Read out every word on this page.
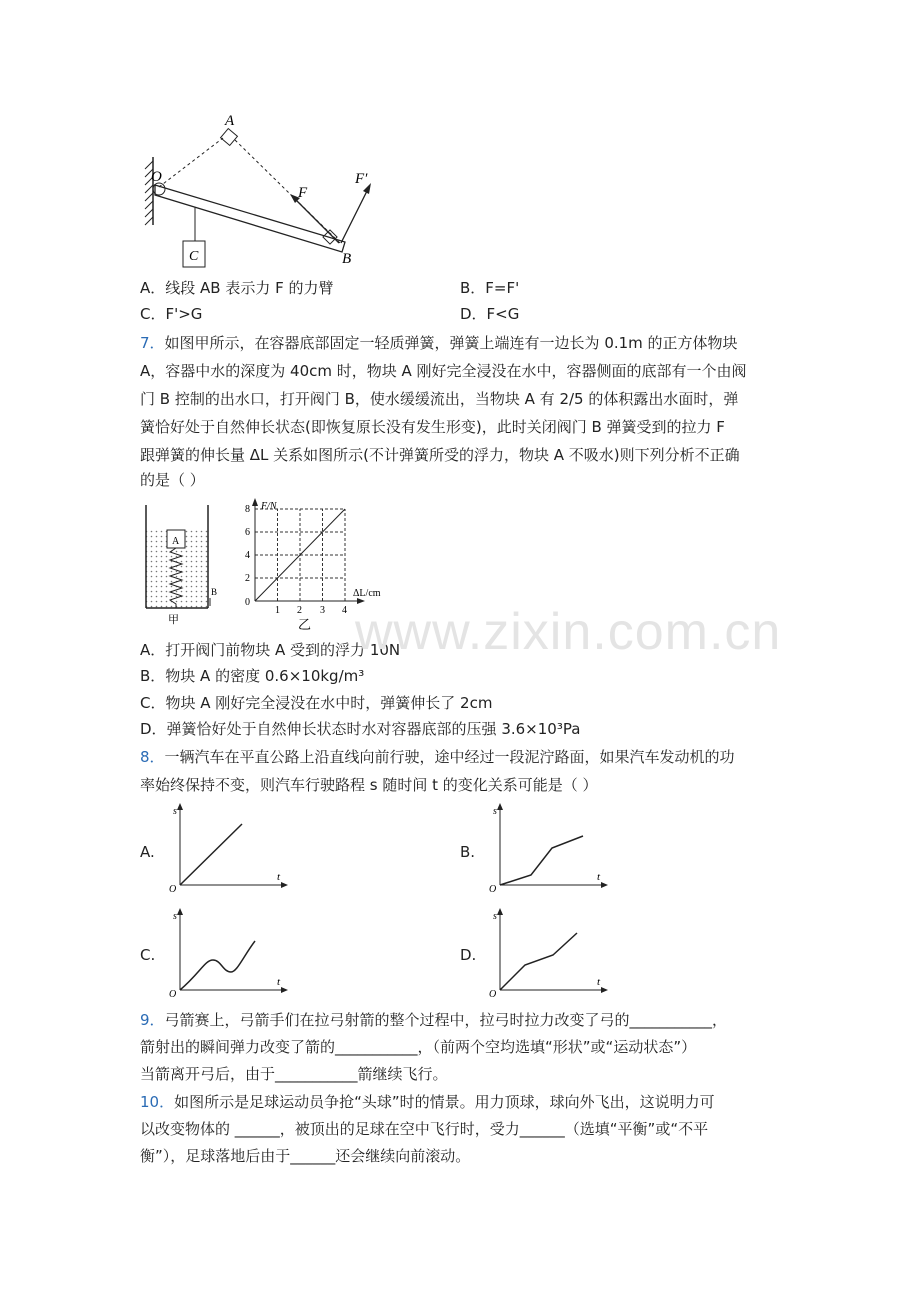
A
O
F
F′
C	B
A．线段 AB 表示力 F 的力臂	B．F=F'
C．F'>G	D．F<G
7．如图甲所示，在容器底部固定一轻质弹簧，弹簧上端连有一边长为 0.1m 的正方体物块
A，容器中水的深度为 40cm 时，物块 A 刚好完全浸没在水中，容器侧面的底部有一个由阀
门 B 控制的出水口，打开阀门 B，使水缓缓流出，当物块 A 有 2/5 的体积露出水面时，弹
簧恰好处于自然伸长状态(即恢复原长没有发生形变)，此时关闭阀门 B 弹簧受到的拉力 F
跟弹簧的伸长量 ΔL 关系如图所示(不计弹簧所受的浮力，物块 A 不吸水)则下列分析不正确
的是（ ）
A
B
甲
F/N
ΔL/cm
0
2
4
6
8
1 2 3 4
乙
A．打开阀门前物块 A 受到的浮力 10N
B．物块 A 的密度 0.6×10kg/m³
C．物块 A 刚好完全浸没在水中时，弹簧伸长了 2cm
D．弹簧恰好处于自然伸长状态时水对容器底部的压强 3.6×10³Pa
8．一辆汽车在平直公路上沿直线向前行驶，途中经过一段泥泞路面，如果汽车发动机的功
率始终保持不变，则汽车行驶路程 s 随时间 t 的变化关系可能是（ ）
A.	B.
C.	D.
s
t
O
s
t
O
s
t
O
s
t
O
9．弓箭赛上，弓箭手们在拉弓射箭的整个过程中，拉弓时拉力改变了弓的___________，
箭射出的瞬间弹力改变了箭的___________，（前两个空均选填“形状”或“运动状态”）
当箭离开弓后，由于___________箭继续飞行。
10．如图所示是足球运动员争抢“头球”时的情景。用力顶球，球向外飞出，这说明力可
以改变物体的 ______，被顶出的足球在空中飞行时，受力______（选填“平衡”或“不平
衡”），足球落地后由于______还会继续向前滚动。
www.zixin.com.cn
